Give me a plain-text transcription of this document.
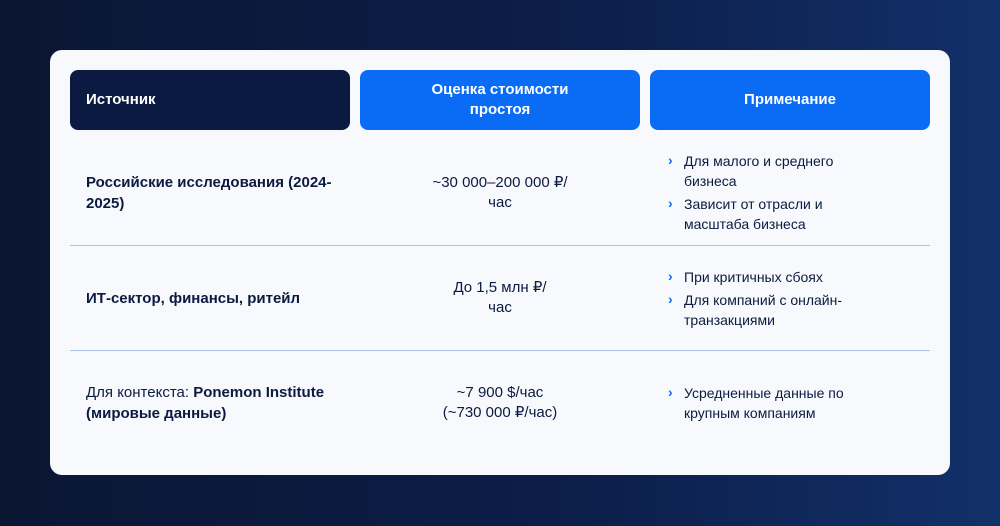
Источник
Оценка стоимости простоя
Примечание
Российские исследования (2024-2025)
~30 000–200 000 ₽/час
› Для малого и среднего бизнеса
› Зависит от отрасли и масштаба бизнеса
ИТ-сектор, финансы, ритейл
До 1,5 млн ₽/час
› При критичных сбоях
› Для компаний с онлайн-транзакциями
Для контекста: Ponemon Institute (мировые данные)
~7 900 $/час
(~730 000 ₽/час)
› Усредненные данные по крупным компаниям
